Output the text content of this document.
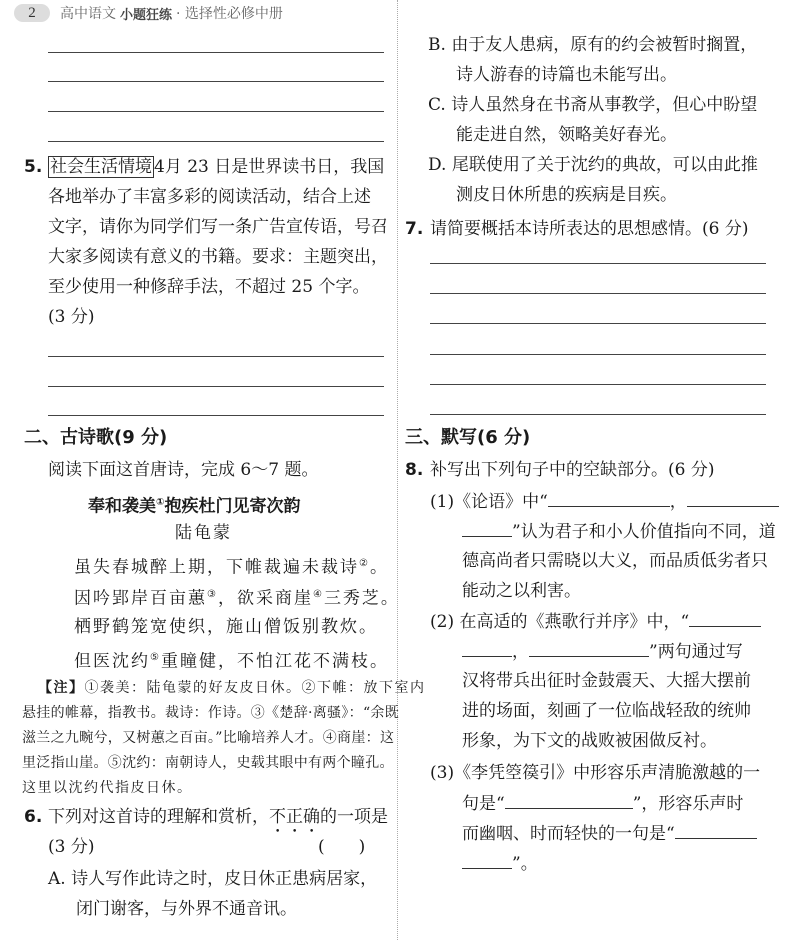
2	高中语文 小题狂练 · 选择性必修中册
5. 社会生活情境 4月 23 日是世界读书日，我国
各地举办了丰富多彩的阅读活动，结合上述
文字，请你为同学们写一条广告宣传语，号召
大家多阅读有意义的书籍。要求：主题突出，
至少使用一种修辞手法，不超过 25 个字。
(3 分)
二、古诗歌(9 分)
阅读下面这首唐诗，完成 6～7 题。
奉和袭美①抱疾杜门见寄次韵
陆龟蒙
虽失春城醉上期，下帷裁遍未裁诗②。
因吟郢岸百亩蕙③，欲采商崖④三秀芝。
栖野鹤笼宽使织，施山僧饭别教炊。
但医沈约⑤重瞳健，不怕江花不满枝。
【注】①袭美：陆龟蒙的好友皮日休。②下帷：放下室内
悬挂的帷幕，指教书。裁诗：作诗。③《楚辞·离骚》：“余既
滋兰之九畹兮，又树蕙之百亩。”比喻培养人才。④商崖：这
里泛指山崖。⑤沈约：南朝诗人，史载其眼中有两个瞳孔。
这里以沈约代指皮日休。
6. 下列对这首诗的理解和赏析，不正确的一项是
(3 分)	(　　)
A. 诗人写作此诗之时，皮日休正患病居家，
闭门谢客，与外界不通音讯。
B. 由于友人患病，原有的约会被暂时搁置，
诗人游春的诗篇也未能写出。
C. 诗人虽然身在书斋从事教学，但心中盼望
能走进自然，领略美好春光。
D. 尾联使用了关于沈约的典故，可以由此推
测皮日休所患的疾病是目疾。
7. 请简要概括本诗所表达的思想感情。(6 分)
三、默写(6 分)
8. 补写出下列句子中的空缺部分。(6 分)
(1)《论语》中“	，
”认为君子和小人价值指向不同，道
德高尚者只需晓以大义，而品质低劣者只
能动之以利害。
(2) 在高适的《燕歌行并序》中，“
，	”两句通过写
汉将带兵出征时金鼓震天、大摇大摆前
进的场面，刻画了一位临战轻敌的统帅
形象，为下文的战败被困做反衬。
(3)《李凭箜篌引》中形容乐声清脆激越的一
句是“	”，形容乐声时
而幽咽、时而轻快的一句是“
”。
